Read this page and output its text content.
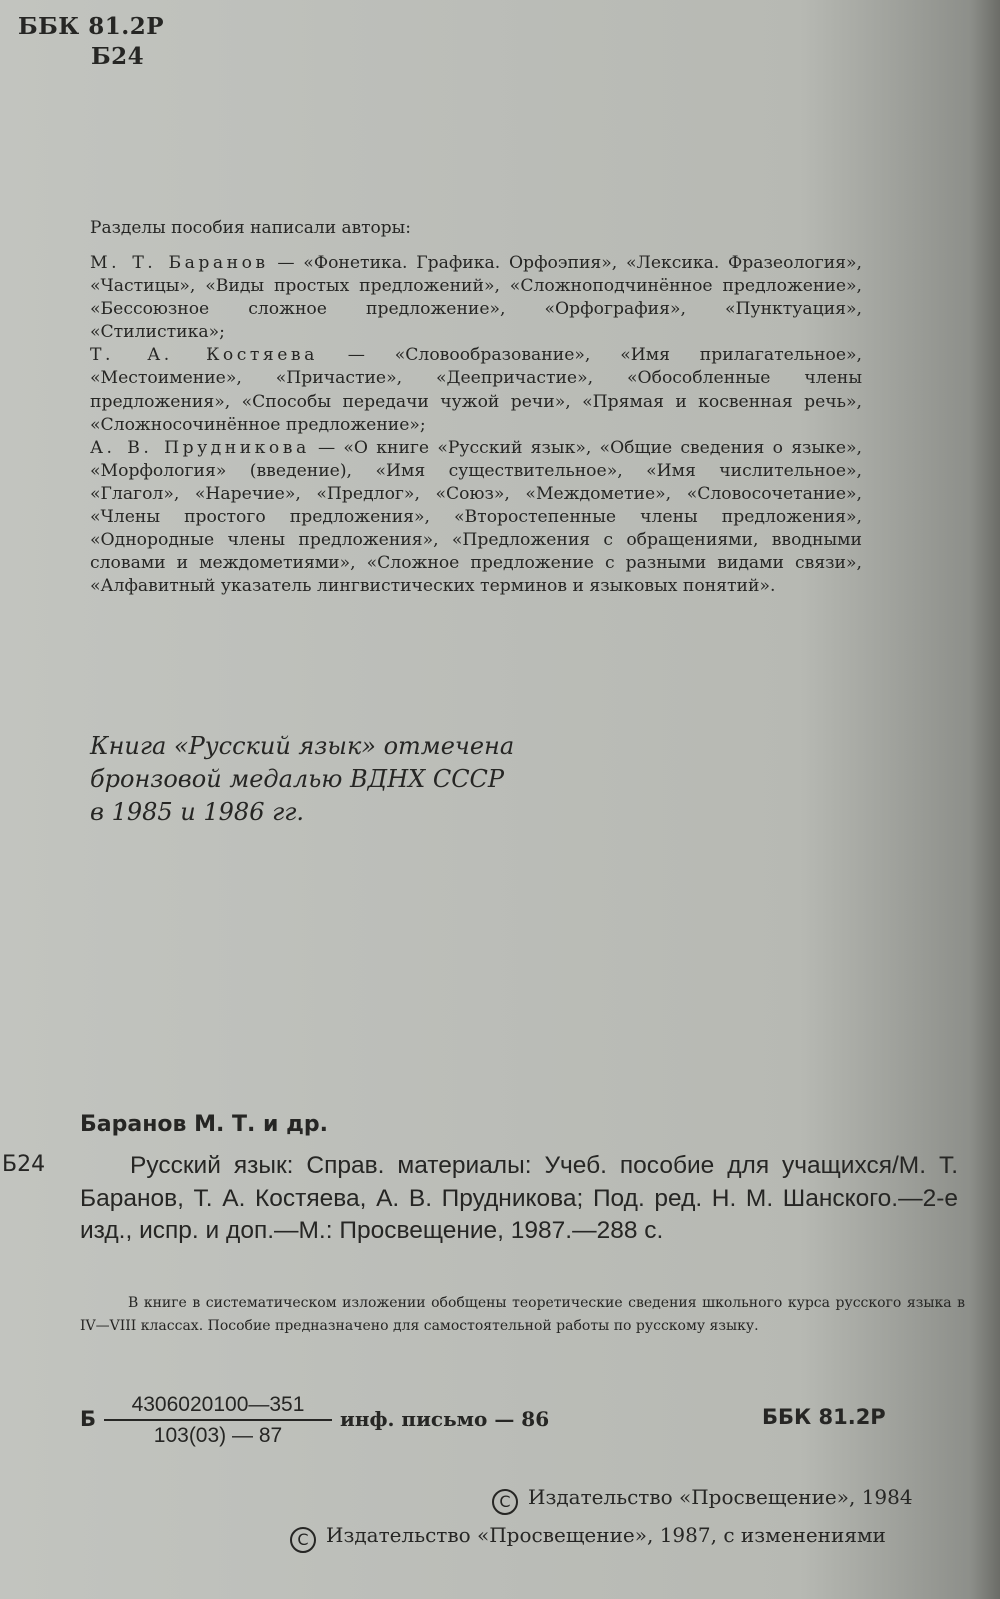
ББК 81.2Р
Б24
Разделы пособия написали авторы:

М. Т. Баранов — «Фонетика. Графика. Орфоэпия», «Лексика. Фразеология», «Частицы», «Виды простых предложений», «Сложноподчинённое предложение», «Бессоюзное сложное предложение», «Орфография», «Пунктуация», «Стилистика»;

Т. А. Костяева — «Словообразование», «Имя прилагательное», «Местоимение», «Причастие», «Деепричастие», «Обособленные члены предложения», «Способы передачи чужой речи», «Прямая и косвенная речь», «Сложносочинённое предложение»;

А. В. Прудникова — «О книге «Русский язык», «Общие сведения о языке», «Морфология» (введение), «Имя существительное», «Имя числительное», «Глагол», «Наречие», «Предлог», «Союз», «Междометие», «Словосочетание», «Члены простого предложения», «Второстепенные члены предложения», «Однородные члены предложения», «Предложения с обращениями, вводными словами и междометиями», «Сложное предложение с разными видами связи», «Алфавитный указатель лингвистических терминов и языковых понятий».

Книга «Русский язык» отмечена
бронзовой медалью ВДНХ СССР
в 1985 и 1986 гг.
Баранов М. Т. и др.
Б24	Русский язык: Справ. материалы: Учеб. пособие для учащихся/М. Т. Баранов, Т. А. Костяева, А. В. Прудникова; Под. ред. Н. М. Шанского.—2-е изд., испр. и доп.—М.: Просвещение, 1987.—288 с.
В книге в систематическом изложении обобщены теоретические сведения школьного курса русского языка в IV—VIII классах. Пособие предназначено для самостоятельной работы по русскому языку.
Б $\frac{4306020100—351}{103(03) — 87}$ инф. письмо — 86	ББК 81.2Р
C Издательство «Просвещение», 1984
C Издательство «Просвещение», 1987, с изменениями
